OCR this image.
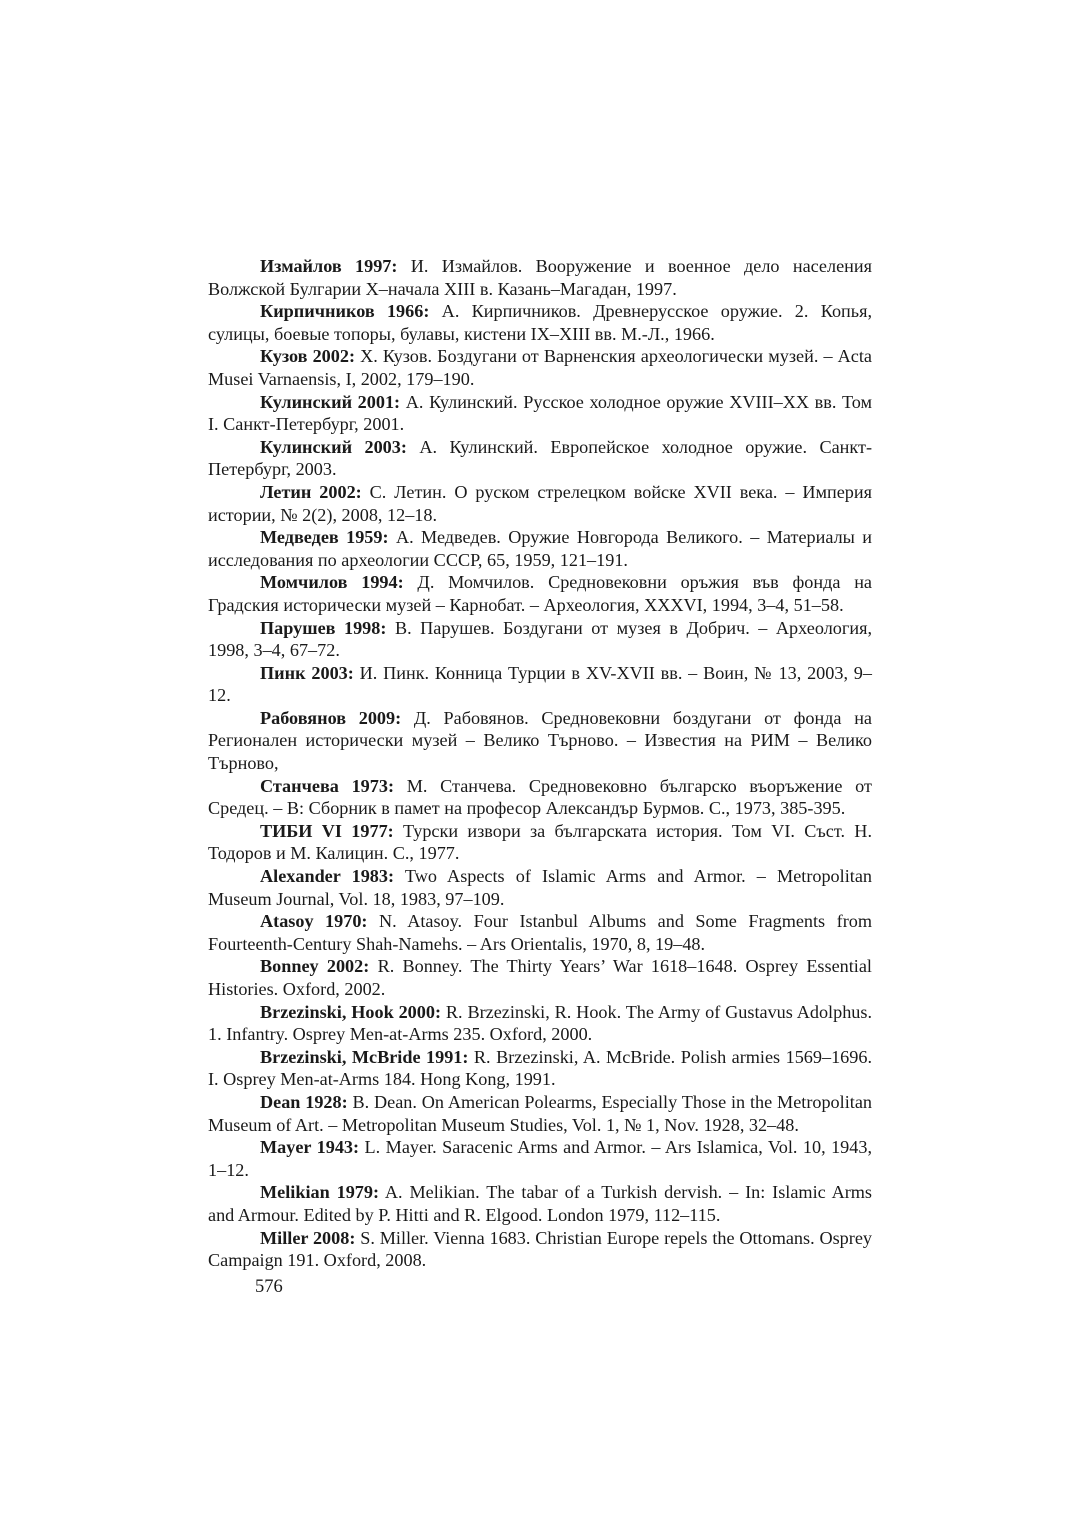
Измайлов 1997: И. Измайлов. Вооружение и военное дело населения Волжской Булгарии X–начала XIII в. Казань–Магадан, 1997.

Кирпичников 1966: А. Кирпичников. Древнерусское оружие. 2. Копья, сулицы, боевые топоры, булавы, кистени IX–XIII вв. М.-Л., 1966.

Кузов 2002: Х. Кузов. Боздугани от Варненския археологически музей. – Acta Musei Varnaensis, I, 2002, 179–190.

Кулинский 2001: А. Кулинский. Русское холодное оружие XVIII–XX вв. Том I. Санкт-Петербург, 2001.

Кулинский 2003: А. Кулинский. Европейское холодное оружие. Санкт-Петербург, 2003.

Летин 2002: С. Летин. О руском стрелецком войске XVII века. – Империя истории, № 2(2), 2008, 12–18.

Медведев 1959: А. Медведев. Оружие Новгорода Великого. – Материалы и исследования по археологии СССР, 65, 1959, 121–191.

Момчилов 1994: Д. Момчилов. Средновековни оръжия във фонда на Градския исторически музей – Карнобат. – Археология, XXXVI, 1994, 3–4, 51–58.

Парушев 1998: В. Парушев. Боздугани от музея в Добрич. – Археология, 1998, 3–4, 67–72.

Пинк 2003: И. Пинк. Конница Турции в XV-XVII вв. – Воин, № 13, 2003, 9–12.

Рабовянов 2009: Д. Рабовянов. Средновековни боздугани от фонда на Регионален исторически музей – Велико Търново. – Известия на РИМ – Велико Търново,

Станчева 1973: М. Станчева. Средновековно българско въоръжение от Средец. – В: Сборник в памет на професор Александър Бурмов. С., 1973, 385-395.

ТИБИ VI 1977: Турски извори за българската история. Том VI. Съст. Н. Тодоров и М. Калицин. С., 1977.

Alexander 1983: Two Aspects of Islamic Arms and Armor. – Metropolitan Museum Journal, Vol. 18, 1983, 97–109.

Atasoy 1970: N. Atasoy. Four Istanbul Albums and Some Fragments from Fourteenth-Century Shah-Namehs. – Ars Orientalis, 1970, 8, 19–48.

Bonney 2002: R. Bonney. The Thirty Years’ War 1618–1648. Osprey Essential Histories. Oxford, 2002.

Brzezinski, Hook 2000: R. Brzezinski, R. Hook. The Army of Gustavus Adolphus. 1. Infantry. Osprey Men-at-Arms 235. Oxford, 2000.

Brzezinski, McBride 1991: R. Brzezinski, A. McBride. Polish armies 1569–1696. I. Osprey Men-at-Arms 184. Hong Kong, 1991.

Dean 1928: B. Dean. On American Polearms, Especially Those in the Metropolitan Museum of Art. – Metropolitan Museum Studies, Vol. 1, № 1, Nov. 1928, 32–48.

Mayer 1943: L. Mayer. Saracenic Arms and Armor. – Ars Islamica, Vol. 10, 1943, 1–12.

Melikian 1979: A. Melikian. The tabar of a Turkish dervish. – In: Islamic Arms and Armour. Edited by P. Hitti and R. Elgood. London 1979, 112–115.

Miller 2008: S. Miller. Vienna 1683. Christian Europe repels the Ottomans. Osprey Campaign 191. Oxford, 2008.

576
